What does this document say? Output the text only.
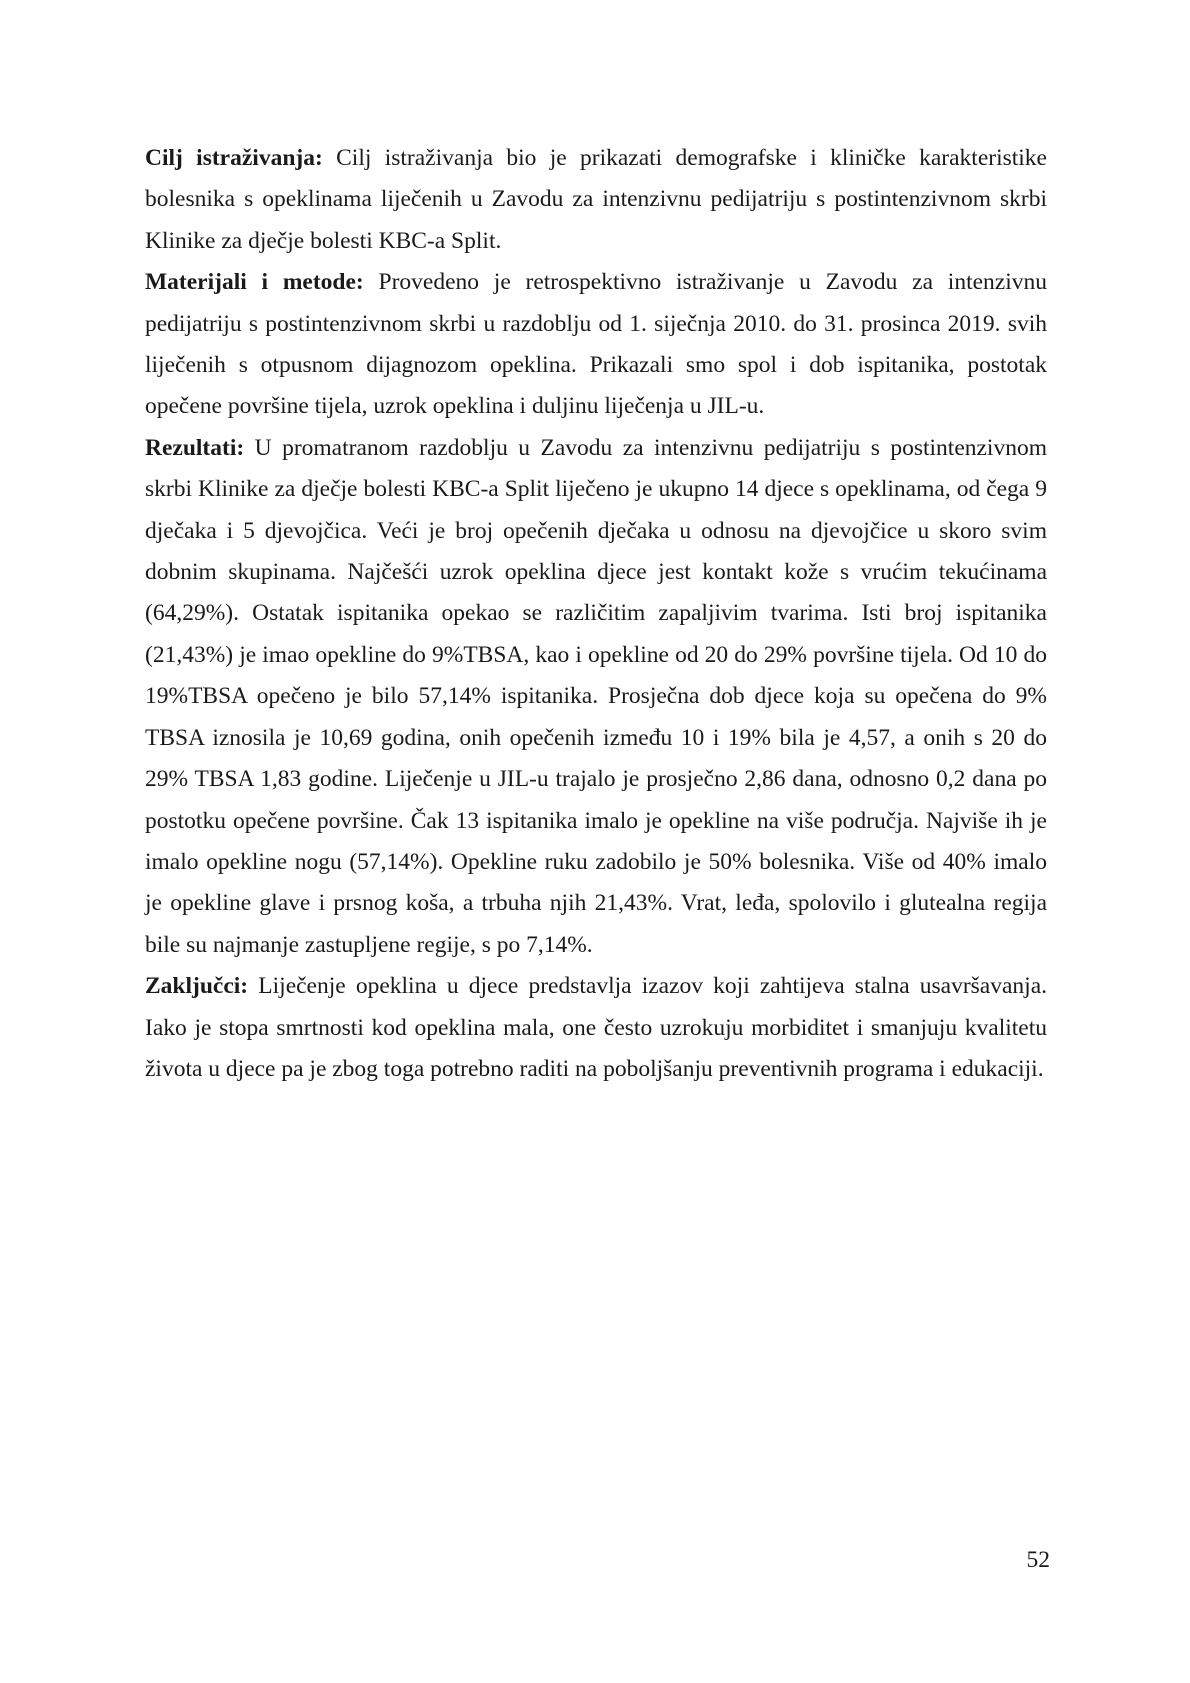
Cilj istraživanja: Cilj istraživanja bio je prikazati demografske i kliničke karakteristike bolesnika s opeklinama liječenih u Zavodu za intenzivnu pedijatriju s postintenzivnom skrbi Klinike za dječje bolesti KBC-a Split.

Materijali i metode: Provedeno je retrospektivno istraživanje u Zavodu za intenzivnu pedijatriju s postintenzivnom skrbi u razdoblju od 1. siječnja 2010. do 31. prosinca 2019. svih liječenih s otpusnom dijagnozom opeklina. Prikazali smo spol i dob ispitanika, postotak opečene površine tijela, uzrok opeklina i duljinu liječenja u JIL-u.

Rezultati: U promatranom razdoblju u Zavodu za intenzivnu pedijatriju s postintenzivnom skrbi Klinike za dječje bolesti KBC-a Split liječeno je ukupno 14 djece s opeklinama, od čega 9 dječaka i 5 djevojčica. Veći je broj opečenih dječaka u odnosu na djevojčice u skoro svim dobnim skupinama. Najčešći uzrok opeklina djece jest kontakt kože s vrućim tekućinama (64,29%). Ostatak ispitanika opekao se različitim zapaljivim tvarima. Isti broj ispitanika (21,43%) je imao opekline do 9%TBSA, kao i opekline od 20 do 29% površine tijela. Od 10 do 19%TBSA opečeno je bilo 57,14% ispitanika. Prosječna dob djece koja su opečena do 9% TBSA iznosila je 10,69 godina, onih opečenih između 10 i 19% bila je 4,57, a onih s 20 do 29% TBSA 1,83 godine. Liječenje u JIL-u trajalo je prosječno 2,86 dana, odnosno 0,2 dana po postotku opečene površine. Čak 13 ispitanika imalo je opekline na više područja. Najviše ih je imalo opekline nogu (57,14%). Opekline ruku zadobilo je 50% bolesnika. Više od 40% imalo je opekline glave i prsnog koša, a trbuha njih 21,43%. Vrat, leđa, spolovilo i glutealna regija bile su najmanje zastupljene regije, s po 7,14%.

Zaključci: Liječenje opeklina u djece predstavlja izazov koji zahtijeva stalna usavršavanja. Iako je stopa smrtnosti kod opeklina mala, one često uzrokuju morbiditet i smanjuju kvalitetu života u djece pa je zbog toga potrebno raditi na poboljšanju preventivnih programa i edukaciji.

52
